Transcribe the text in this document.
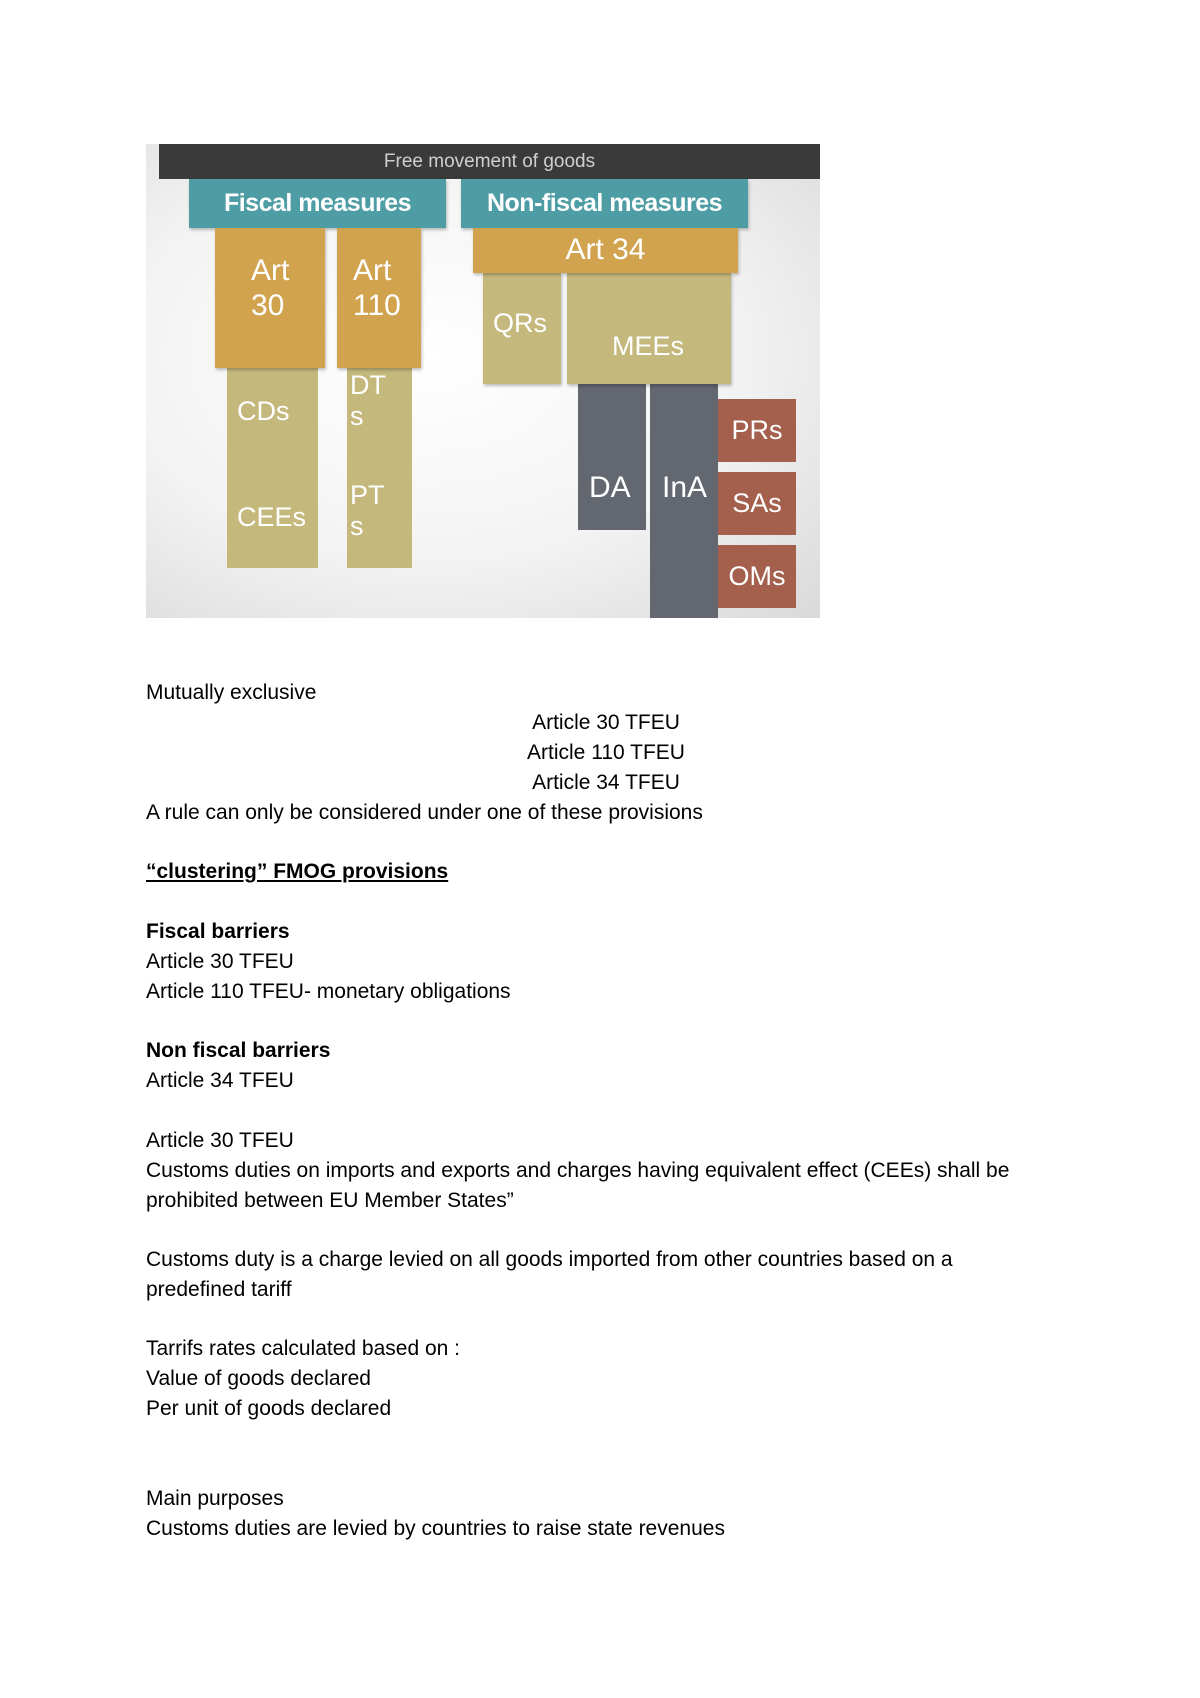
Free movement of goods
Fiscal measures	Non-fiscal measures
CDs
CEEs
DT
s
PT
s
Art
30
Art
110
InA
DA
PRs
SAs
OMs
QRs
MEEs
Art 34
Mutually exclusive
Article 30 TFEU
Article 110 TFEU
Article 34 TFEU
A rule can only be considered under one of these provisions
“clustering” FMOG provisions
Fiscal barriers
Article 30 TFEU
Article 110 TFEU- monetary obligations
Non fiscal barriers
Article 34 TFEU
Article 30 TFEU
Customs duties on imports and exports and charges having equivalent effect (CEEs) shall be
prohibited between EU Member States”
Customs duty is a charge levied on all goods imported from other countries based on a
predefined tariff
Tarrifs rates calculated based on :
Value of goods declared
Per unit of goods declared
Main purposes
Customs duties are levied by countries to raise state revenues
